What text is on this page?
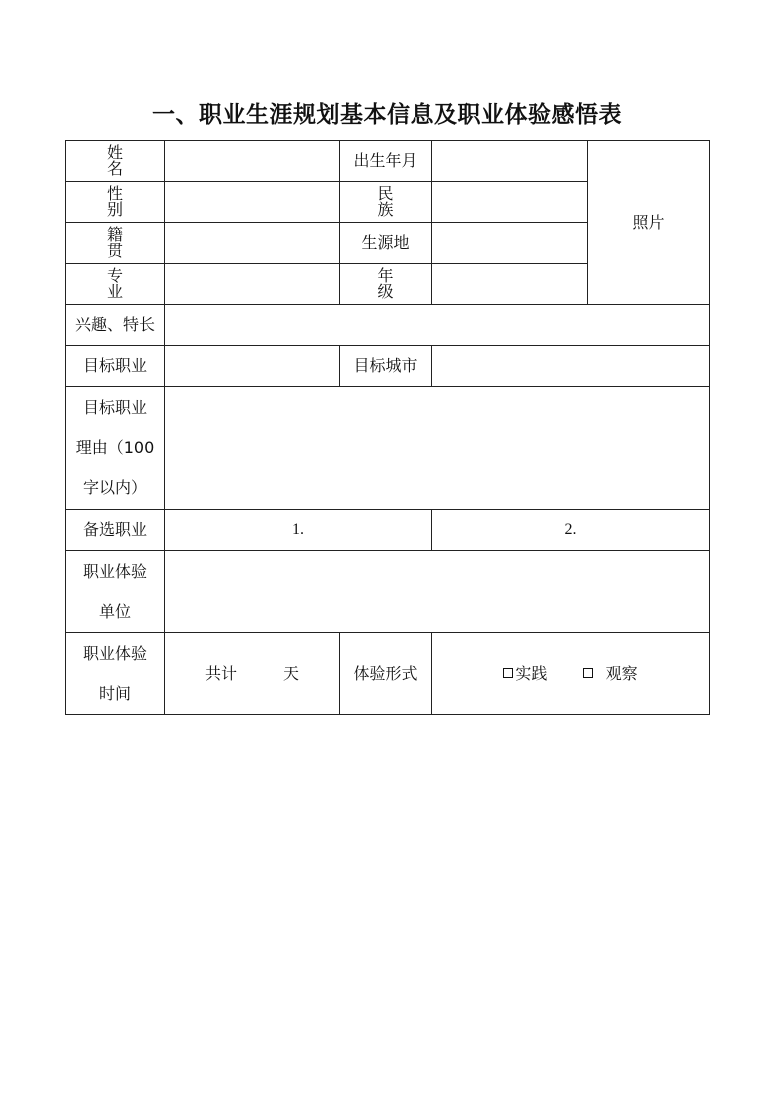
一、职业生涯规划基本信息及职业体验感悟表
姓 名		出生年月		照片
性 别		民 族		
籍 贯		生源地		
专 业		年 级		
兴趣、特长				
目标职业		目标城市		

目标职业
理由（100
字以内）				

备选职业	1.		2.	

职业体验
单位				

职业体验
时间	共计 天	体验形式	实践 观察	
